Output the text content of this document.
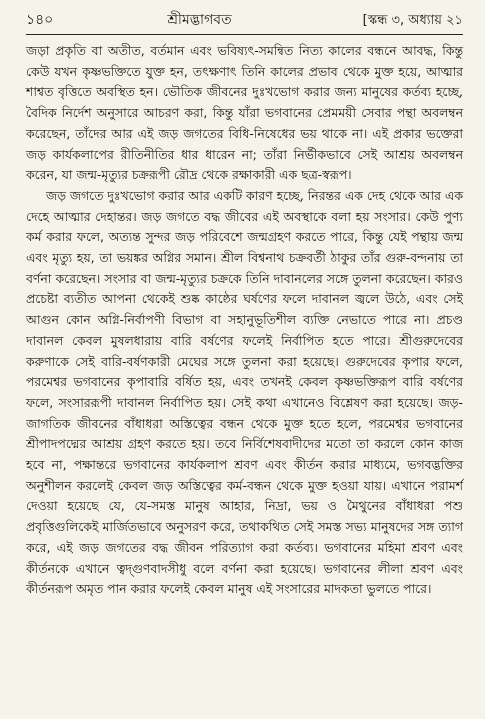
১৪০	শ্রীমদ্ভাগবত	[স্কন্ধ ৩, অধ্যায় ২১

জড়া প্রকৃতি বা অতীত, বর্তমান এবং ভবিষ্যৎ-সমন্বিত নিত্য কালের বন্ধনে আবদ্ধ, কিন্তু কেউ যখন কৃষ্ণভক্তিতে যুক্ত হন, তৎক্ষণাৎ তিনি কালের প্রভাব থেকে মুক্ত হয়ে, আত্মার শাশ্বত বৃত্তিতে অবস্থিত হন। ভৌতিক জীবনের দুঃখভোগ করার জন্য মানুষের কর্তব্য হচ্ছে, বৈদিক নির্দেশ অনুসারে আচরণ করা, কিন্তু যাঁরা ভগবানের প্রেমময়ী সেবার পন্থা অবলম্বন করেছেন, তাঁদের আর এই জড় জগতের বিধি-নিষেধের ভয় থাকে না। এই প্রকার ভক্তেরা জড় কার্যকলাপের রীতিনীতির ধার ধারেন না; তাঁরা নির্ভীকভাবে সেই আশ্রয় অবলম্বন করেন, যা জন্ম-মৃত্যুর চক্ররূপী রৌদ্র থেকে রক্ষাকারী এক ছত্র-স্বরূপ।

জড় জগতে দুঃখভোগ করার আর একটি কারণ হচ্ছে, নিরন্তর এক দেহ থেকে আর এক দেহে আত্মার দেহান্তর। জড় জগতে বদ্ধ জীবের এই অবস্থাকে বলা হয় সংসার। কেউ পুণ্য কর্ম করার ফলে, অত্যন্ত সুন্দর জড় পরিবেশে জন্মগ্রহণ করতে পারে, কিন্তু যেই পন্থায় জন্ম এবং মৃত্যু হয়, তা ভয়ঙ্কর অগ্নির সমান। শ্রীল বিশ্বনাথ চক্রবর্তী ঠাকুর তাঁর গুরু-বন্দনায় তা বর্ণনা করেছেন। সংসার বা জন্ম-মৃত্যুর চক্রকে তিনি দাবানলের সঙ্গে তুলনা করেছেন। কারও প্রচেষ্টা ব্যতীত আপনা থেকেই শুষ্ক কাষ্ঠের ঘর্ষণের ফলে দাবানল জ্বলে উঠে, এবং সেই আগুন কোন অগ্নি-নির্বাপণী বিভাগ বা সহানুভূতিশীল ব্যক্তি নেভাতে পারে না। প্রচণ্ড দাবানল কেবল মুষলধারায় বারি বর্ষণের ফলেই নির্বাপিত হতে পারে। শ্রীগুরুদেবের করুণাকে সেই বারি-বর্ষণকারী মেঘের সঙ্গে তুলনা করা হয়েছে। গুরুদেবের কৃপার ফলে, পরমেশ্বর ভগবানের কৃপাবারি বর্ষিত হয়, এবং তখনই কেবল কৃষ্ণভক্তিরূপ বারি বর্ষণের ফলে, সংসাররূপী দাবানল নির্বাপিত হয়। সেই কথা এখানেও বিশ্লেষণ করা হয়েছে। জড়-জাগতিক জীবনের বাঁধাধরা অস্তিত্বের বন্ধন থেকে মুক্ত হতে হলে, পরমেশ্বর ভগবানের শ্রীপাদপদ্মের আশ্রয় গ্রহণ করতে হয়। তবে নির্বিশেষবাদীদের মতো তা করলে কোন কাজ হবে না, পক্ষান্তরে ভগবানের কার্যকলাপ শ্রবণ এবং কীর্তন করার মাধ্যমে, ভগবদ্ভক্তির অনুশীলন করলেই কেবল জড় অস্তিত্বের কর্ম-বন্ধন থেকে মুক্ত হওয়া যায়। এখানে পরামর্শ দেওয়া হয়েছে যে, যে-সমস্ত মানুষ আহার, নিদ্রা, ভয় ও মৈথুনের বাঁধাধরা পশু প্রবৃত্তিগুলিকেই মার্জিতভাবে অনুসরণ করে, তথাকথিত সেই সমস্ত সভ্য মানুষদের সঙ্গ ত্যাগ করে, এই জড় জগতের বদ্ধ জীবন পরিত্যাগ করা কর্তব্য। ভগবানের মহিমা শ্রবণ এবং কীর্তনকে এখানে ত্বদ্গুণবাদসীধু বলে বর্ণনা করা হয়েছে। ভগবানের লীলা শ্রবণ এবং কীর্তনরূপ অমৃত পান করার ফলেই কেবল মানুষ এই সংসারের মাদকতা ভুলতে পারে।
